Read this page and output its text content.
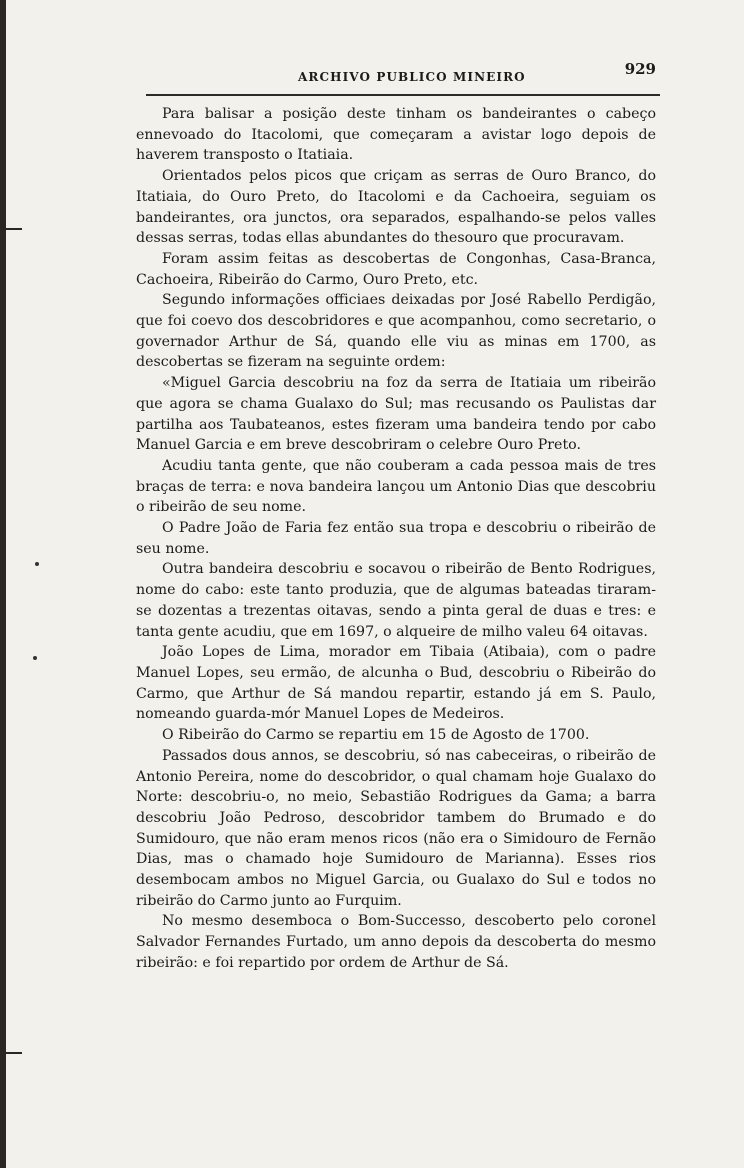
ARCHIVO PUBLICO MINEIRO	929

Para balisar a posição deste tinham os bandeirantes o cabeço ennevoado do Itacolomi, que começaram a avistar logo depois de haverem transposto o Itatiaia.

Orientados pelos picos que criçam as serras de Ouro Branco, do Itatiaia, do Ouro Preto, do Itacolomi e da Cachoeira, seguiam os bandeirantes, ora junctos, ora separados, espalhando-se pelos valles dessas serras, todas ellas abundantes do thesouro que procuravam.

Foram assim feitas as descobertas de Congonhas, Casa-Branca, Cachoeira, Ribeirão do Carmo, Ouro Preto, etc.

Segundo informações officiaes deixadas por José Rabello Perdigão, que foi coevo dos descobridores e que acompanhou, como secretario, o governador Arthur de Sá, quando elle viu as minas em 1700, as descobertas se fizeram na seguinte ordem:

«Miguel Garcia descobriu na foz da serra de Itatiaia um ribeirão que agora se chama Gualaxo do Sul; mas recusando os Paulistas dar partilha aos Taubateanos, estes fizeram uma bandeira tendo por cabo Manuel Garcia e em breve descobriram o celebre Ouro Preto.

Acudiu tanta gente, que não couberam a cada pessoa mais de tres braças de terra: e nova bandeira lançou um Antonio Dias que descobriu o ribeirão de seu nome.

O Padre João de Faria fez então sua tropa e descobriu o ribeirão de seu nome.

Outra bandeira descobriu e socavou o ribeirão de Bento Rodrigues, nome do cabo: este tanto produzia, que de algumas bateadas tiraram-se dozentas a trezentas oitavas, sendo a pinta geral de duas e tres: e tanta gente acudiu, que em 1697, o alqueire de milho valeu 64 oitavas.

João Lopes de Lima, morador em Tibaia (Atibaia), com o padre Manuel Lopes, seu ermão, de alcunha o Bud, descobriu o Ribeirão do Carmo, que Arthur de Sá mandou repartir, estando já em S. Paulo, nomeando guarda-mór Manuel Lopes de Medeiros.

O Ribeirão do Carmo se repartiu em 15 de Agosto de 1700.

Passados dous annos, se descobriu, só nas cabeceiras, o ribeirão de Antonio Pereira, nome do descobridor, o qual chamam hoje Gualaxo do Norte: descobriu-o, no meio, Sebastião Rodrigues da Gama; a barra descobriu João Pedroso, descobridor tambem do Brumado e do Sumidouro, que não eram menos ricos (não era o Simidouro de Fernão Dias, mas o chamado hoje Sumidouro de Marianna). Esses rios desembocam ambos no Miguel Garcia, ou Gualaxo do Sul e todos no ribeirão do Carmo junto ao Furquim.

No mesmo desemboca o Bom-Successo, descoberto pelo coronel Salvador Fernandes Furtado, um anno depois da descoberta do mesmo ribeirão: e foi repartido por ordem de Arthur de Sá.
